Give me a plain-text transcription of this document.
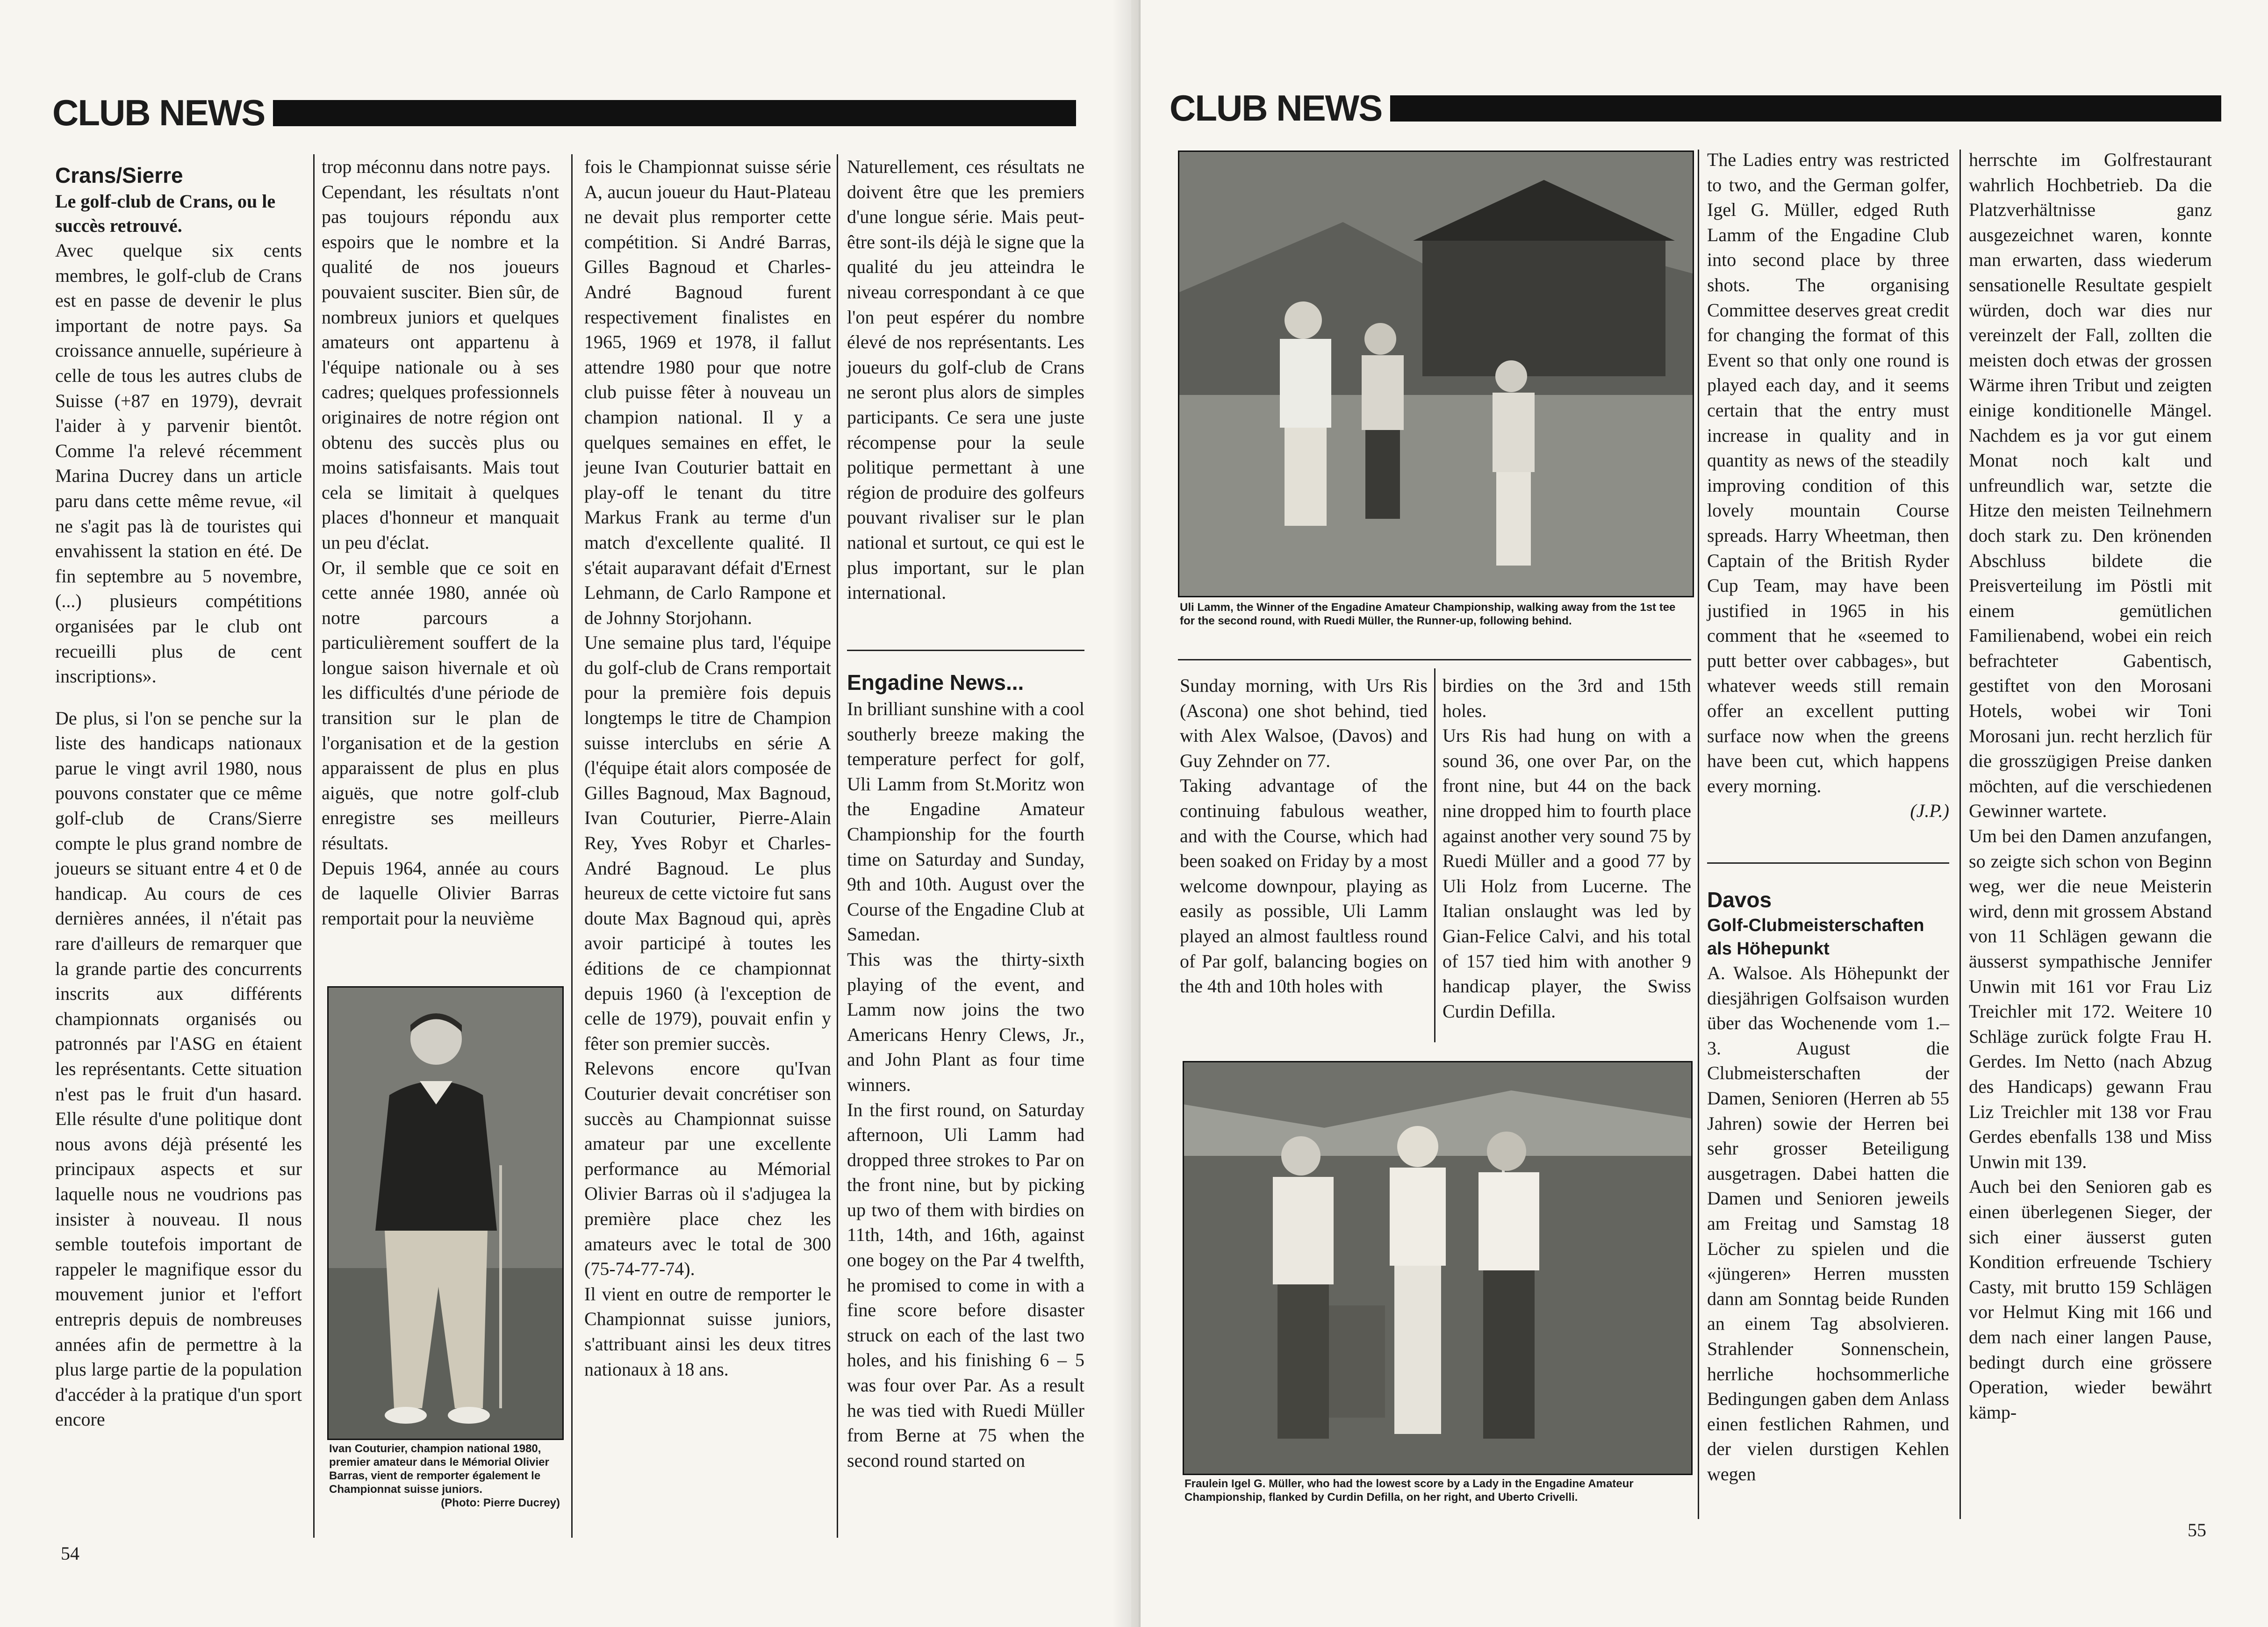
CLUB NEWS
Crans/Sierre
Le golf-club de Crans, ou le succès retrouvé.

Avec quelque six cents membres, le golf-club de Crans est en passe de devenir le plus important de notre pays. Sa croissance annuelle, supérieure à celle de tous les autres clubs de Suisse (+87 en 1979), devrait l'aider à y parvenir bientôt. Comme l'a relevé récemment Marina Ducrey dans un article paru dans cette même revue, «il ne s'agit pas là de touristes qui envahissent la station en été. De fin septembre au 5 novembre, (...) plusieurs compétitions organisées par le club ont recueilli plus de cent inscriptions».

De plus, si l'on se penche sur la liste des handicaps nationaux parue le vingt avril 1980, nous pouvons constater que ce même golf-club de Crans/Sierre compte le plus grand nombre de joueurs se situant entre 4 et 0 de handicap. Au cours de ces dernières années, il n'était pas rare d'ailleurs de remarquer que la grande partie des concurrents inscrits aux différents championnats organisés ou patronnés par l'ASG en étaient les représentants. Cette situation n'est pas le fruit d'un hasard. Elle résulte d'une politique dont nous avons déjà présenté les principaux aspects et sur laquelle nous ne voudrions pas insister à nouveau. Il nous semble toutefois important de rappeler le magnifique essor du mouvement junior et l'effort entrepris depuis de nombreuses années afin de permettre à la plus large partie de la population d'accéder à la pratique d'un sport encore

trop méconnu dans notre pays.

Cependant, les résultats n'ont pas toujours répondu aux espoirs que le nombre et la qualité de nos joueurs pouvaient susciter. Bien sûr, de nombreux juniors et quelques amateurs ont appartenu à l'équipe nationale ou à ses cadres; quelques professionnels originaires de notre région ont obtenu des succès plus ou moins satisfaisants. Mais tout cela se limitait à quelques places d'honneur et manquait un peu d'éclat.

Or, il semble que ce soit en cette année 1980, année où notre parcours a particulièrement souffert de la longue saison hivernale et où les difficultés d'une période de transition sur le plan de l'organisation et de la gestion apparaissent de plus en plus aiguës, que notre golf-club enregistre ses meilleurs résultats.

Depuis 1964, année au cours de laquelle Olivier Barras remportait pour la neuvième

Ivan Couturier, champion national 1980, premier amateur dans le Mémorial Olivier Barras, vient de remporter également le Championnat suisse juniors.
(Photo: Pierre Ducrey)

fois le Championnat suisse série A, aucun joueur du Haut-Plateau ne devait plus remporter cette compétition. Si André Barras, Gilles Bagnoud et Charles-André Bagnoud furent respectivement finalistes en 1965, 1969 et 1978, il fallut attendre 1980 pour que notre club puisse fêter à nouveau un champion national. Il y a quelques semaines en effet, le jeune Ivan Couturier battait en play-off le tenant du titre Markus Frank au terme d'un match d'excellente qualité. Il s'était auparavant défait d'Ernest Lehmann, de Carlo Rampone et de Johnny Storjohann.

Une semaine plus tard, l'équipe du golf-club de Crans remportait pour la première fois depuis longtemps le titre de Champion suisse interclubs en série A (l'équipe était alors composée de Gilles Bagnoud, Max Bagnoud, Ivan Couturier, Pierre-Alain Rey, Yves Robyr et Charles-André Bagnoud. Le plus heureux de cette victoire fut sans doute Max Bagnoud qui, après avoir participé à toutes les éditions de ce championnat depuis 1960 (à l'exception de celle de 1979), pouvait enfin y fêter son premier succès.

Relevons encore qu'Ivan Couturier devait concrétiser son succès au Championnat suisse amateur par une excellente performance au Mémorial Olivier Barras où il s'adjugea la première place chez les amateurs avec le total de 300 (75-74-77-74).

Il vient en outre de remporter le Championnat suisse juniors, s'attribuant ainsi les deux titres nationaux à 18 ans.

Naturellement, ces résultats ne doivent être que les premiers d'une longue série. Mais peut-être sont-ils déjà le signe que la qualité du jeu atteindra le niveau correspondant à ce que l'on peut espérer du nombre élevé de nos représentants. Les joueurs du golf-club de Crans ne seront plus alors de simples participants. Ce sera une juste récompense pour la seule politique permettant à une région de produire des golfeurs pouvant rivaliser sur le plan national et surtout, ce qui est le plus important, sur le plan international.

Engadine News...

In brilliant sunshine with a cool southerly breeze making the temperature perfect for golf, Uli Lamm from St.Moritz won the Engadine Amateur Championship for the fourth time on Saturday and Sunday, 9th and 10th. August over the Course of the Engadine Club at Samedan.

This was the thirty-sixth playing of the event, and Lamm now joins the two Americans Henry Clews, Jr., and John Plant as four time winners.

In the first round, on Saturday afternoon, Uli Lamm had dropped three strokes to Par on the front nine, but by picking up two of them with birdies on 11th, 14th, and 16th, against one bogey on the Par 4 twelfth, he promised to come in with a fine score before disaster struck on each of the last two holes, and his finishing 6 – 5 was four over Par. As a result he was tied with Ruedi Müller from Berne at 75 when the second round started on

54
CLUB NEWS
Uli Lamm, the Winner of the Engadine Amateur Championship, walking away from the 1st tee for the second round, with Ruedi Müller, the Runner-up, following behind.

Sunday morning, with Urs Ris (Ascona) one shot behind, tied with Alex Walsoe, (Davos) and Guy Zehnder on 77.

Taking advantage of the continuing fabulous weather, and with the Course, which had been soaked on Friday by a most welcome downpour, playing as easily as possible, Uli Lamm played an almost faultless round of Par golf, balancing bogies on the 4th and 10th holes with

birdies on the 3rd and 15th holes.

Urs Ris had hung on with a sound 36, one over Par, on the front nine, but 44 on the back nine dropped him to fourth place against another very sound 75 by Ruedi Müller and a good 77 by Uli Holz from Lucerne. The Italian onslaught was led by Gian-Felice Calvi, and his total of 157 tied him with another 9 handicap player, the Swiss Curdin Defilla.

Fraulein Igel G. Müller, who had the lowest score by a Lady in the Engadine Amateur Championship, flanked by Curdin Defilla, on her right, and Uberto Crivelli.

The Ladies entry was restricted to two, and the German golfer, Igel G. Müller, edged Ruth Lamm of the Engadine Club into second place by three shots. The organising Committee deserves great credit for changing the format of this Event so that only one round is played each day, and it seems certain that the entry must increase in quality and in quantity as news of the steadily improving condition of this lovely mountain Course spreads. Harry Wheetman, then Captain of the British Ryder Cup Team, may have been justified in 1965 in his comment that he «seemed to putt better over cabbages», but whatever weeds still remain offer an excellent putting surface now when the greens have been cut, which happens every morning.

(J.P.)

Davos
Golf-Clubmeisterschaften als Höhepunkt

A. Walsoe. Als Höhepunkt der diesjährigen Golfsaison wurden über das Wochenende vom 1.–3. August die Clubmeisterschaften der Damen, Senioren (Herren ab 55 Jahren) sowie der Herren bei sehr grosser Beteiligung ausgetragen. Dabei hatten die Damen und Senioren jeweils am Freitag und Samstag 18 Löcher zu spielen und die «jüngeren» Herren mussten dann am Sonntag beide Runden an einem Tag absolvieren. Strahlender Sonnenschein, herrliche hochsommerliche Bedingungen gaben dem Anlass einen festlichen Rahmen, und der vielen durstigen Kehlen wegen

herrschte im Golfrestaurant wahrlich Hochbetrieb. Da die Platzverhältnisse ganz ausgezeichnet waren, konnte man erwarten, dass wiederum sensationelle Resultate gespielt würden, doch war dies nur vereinzelt der Fall, zollten die meisten doch etwas der grossen Wärme ihren Tribut und zeigten einige konditionelle Mängel. Nachdem es ja vor gut einem Monat noch kalt und unfreundlich war, setzte die Hitze den meisten Teilnehmern doch stark zu. Den krönenden Abschluss bildete die Preisverteilung im Pöstli mit einem gemütlichen Familienabend, wobei ein reich befrachteter Gabentisch, gestiftet von den Morosani Hotels, wobei wir Toni Morosani jun. recht herzlich für die grosszügigen Preise danken möchten, auf die verschiedenen Gewinner wartete.

Um bei den Damen anzufangen, so zeigte sich schon von Beginn weg, wer die neue Meisterin wird, denn mit grossem Abstand von 11 Schlägen gewann die äusserst sympathische Jennifer Unwin mit 161 vor Frau Liz Treichler mit 172. Weitere 10 Schläge zurück folgte Frau H. Gerdes. Im Netto (nach Abzug des Handicaps) gewann Frau Liz Treichler mit 138 vor Frau Gerdes ebenfalls 138 und Miss Unwin mit 139.

Auch bei den Senioren gab es einen überlegenen Sieger, der sich einer äusserst guten Kondition erfreuende Tschiery Casty, mit brutto 159 Schlägen vor Helmut King mit 166 und dem nach einer langen Pause, bedingt durch eine grössere Operation, wieder bewährt kämp-

55
